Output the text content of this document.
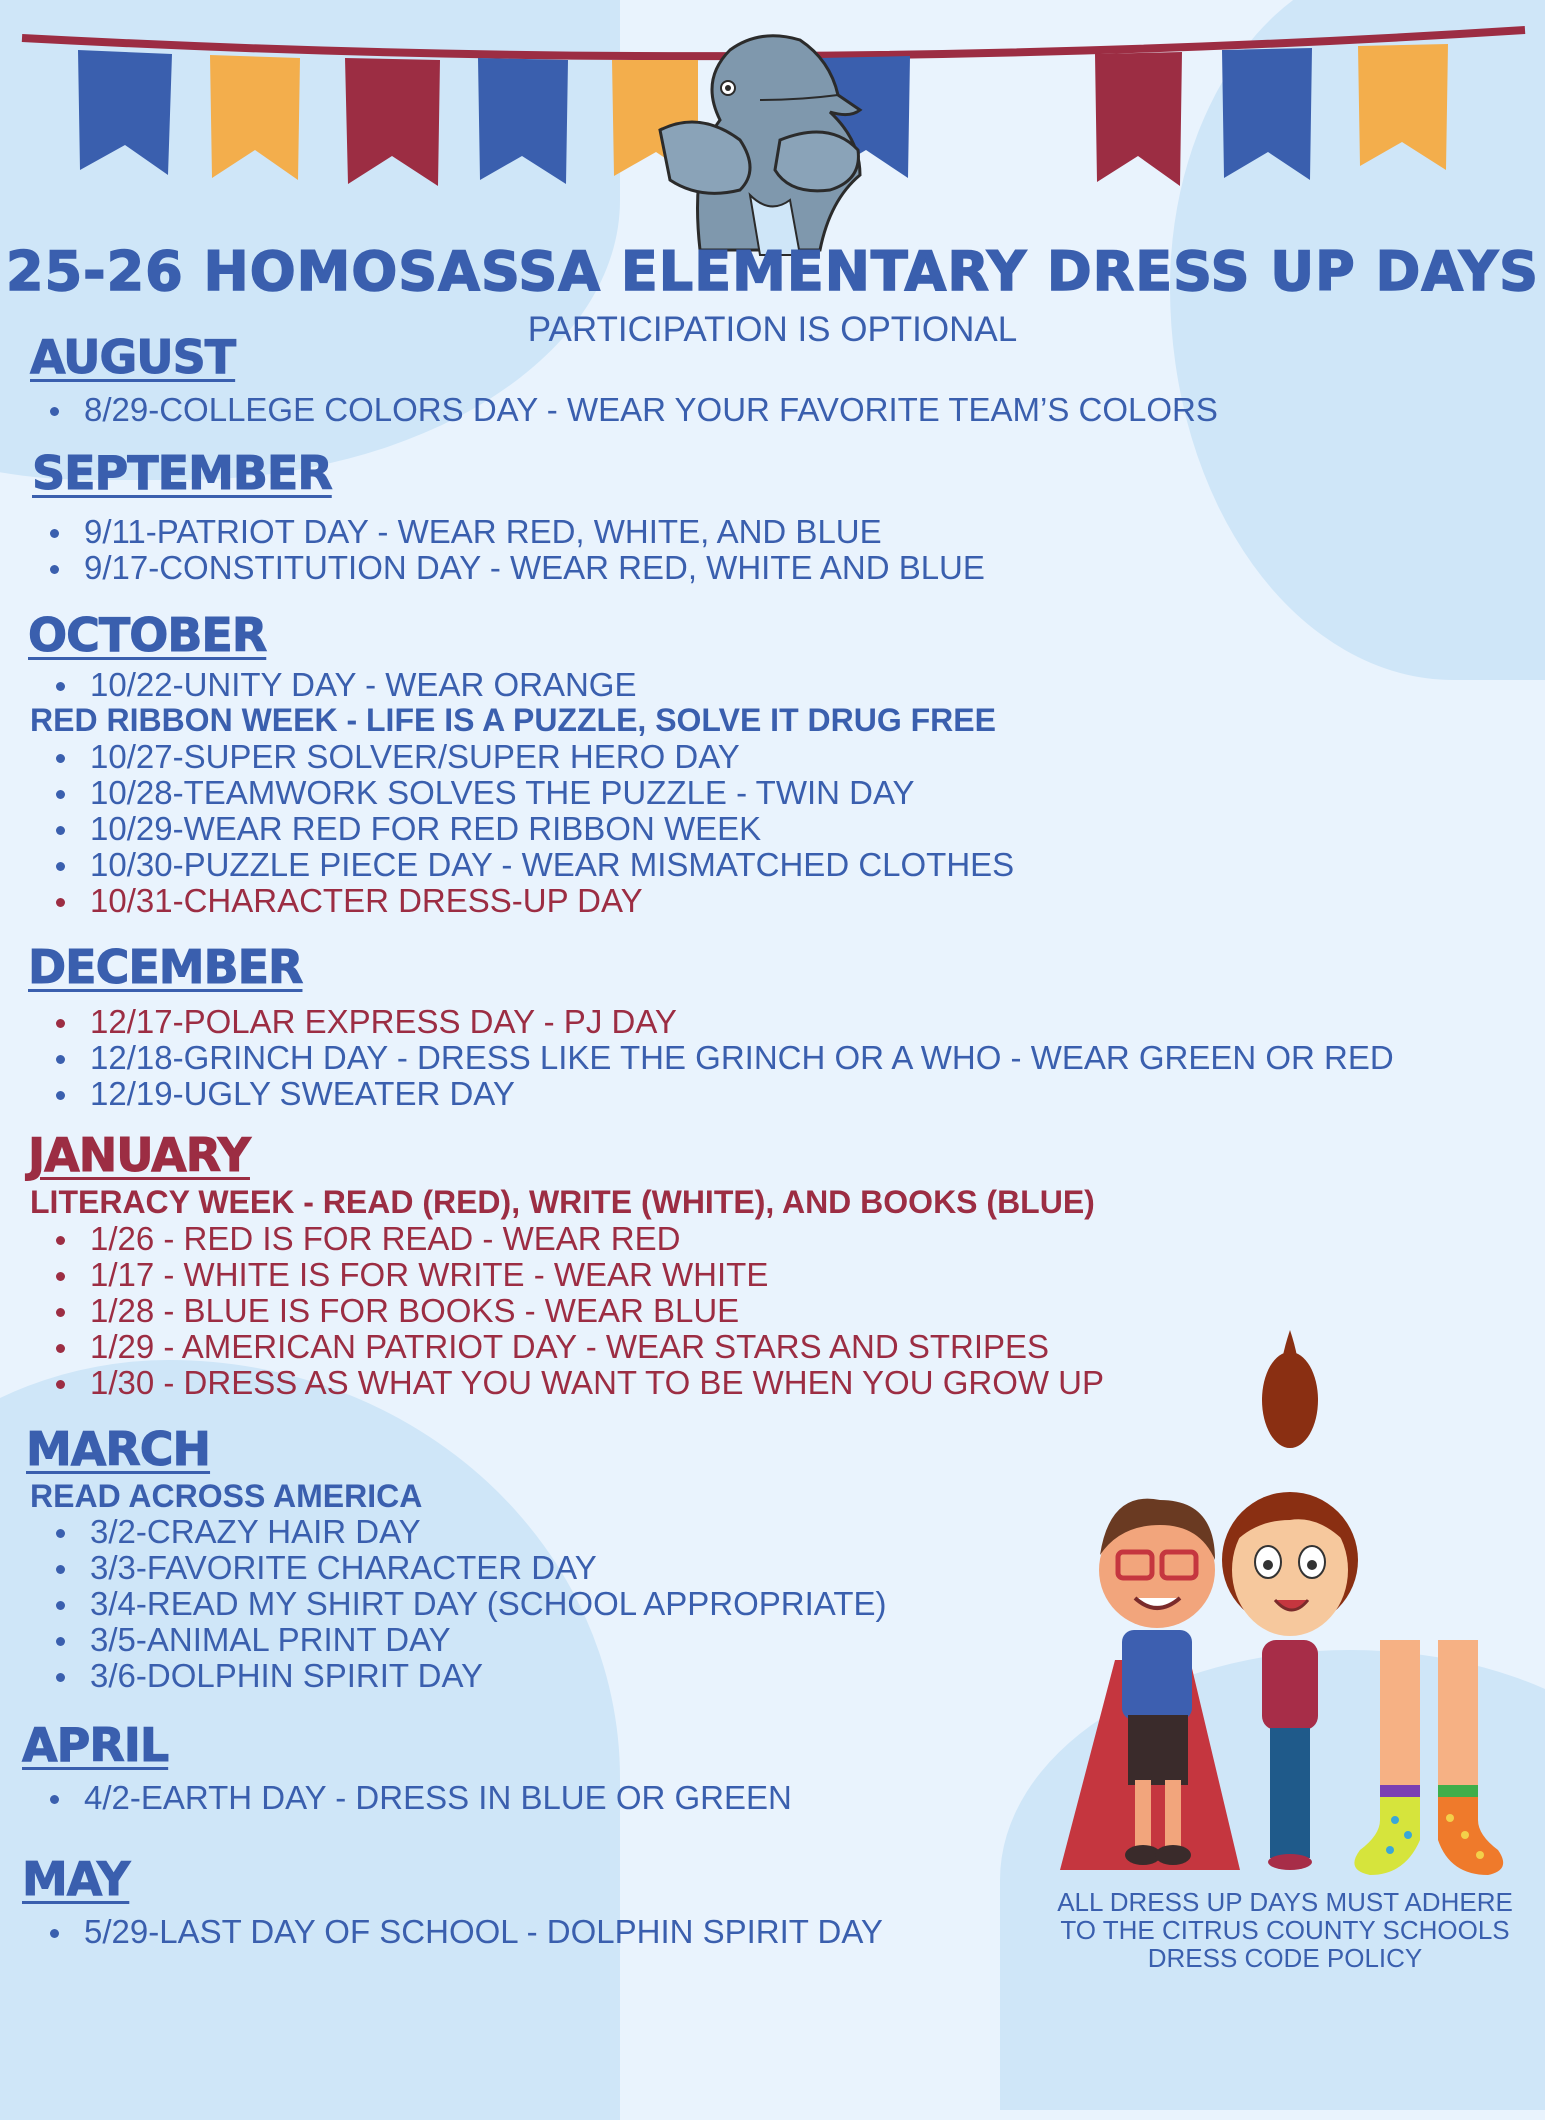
25-26 HOMOSASSA ELEMENTARY DRESS UP DAYS
PARTICIPATION IS OPTIONAL
AUGUST
8/29-COLLEGE COLORS DAY - WEAR YOUR FAVORITE TEAM’S COLORS
SEPTEMBER
9/11-PATRIOT DAY - WEAR RED, WHITE, AND BLUE
9/17-CONSTITUTION DAY - WEAR RED, WHITE AND BLUE
OCTOBER
10/22-UNITY DAY - WEAR ORANGE
RED RIBBON WEEK - LIFE IS A PUZZLE, SOLVE IT DRUG FREE
10/27-SUPER SOLVER/SUPER HERO DAY
10/28-TEAMWORK SOLVES THE PUZZLE - TWIN DAY
10/29-WEAR RED FOR RED RIBBON WEEK
10/30-PUZZLE PIECE DAY - WEAR MISMATCHED CLOTHES
10/31-CHARACTER DRESS-UP DAY
DECEMBER
12/17-POLAR EXPRESS DAY - PJ DAY
12/18-GRINCH DAY - DRESS LIKE THE GRINCH OR A WHO - WEAR GREEN OR RED
12/19-UGLY SWEATER DAY
JANUARY
LITERACY WEEK - READ (RED), WRITE (WHITE), AND BOOKS (BLUE)
1/26 - RED IS FOR READ - WEAR RED
1/17 - WHITE IS FOR WRITE - WEAR WHITE
1/28 - BLUE IS FOR BOOKS - WEAR BLUE
1/29 - AMERICAN PATRIOT DAY - WEAR STARS AND STRIPES
1/30 - DRESS AS WHAT YOU WANT TO BE WHEN YOU GROW UP
MARCH
READ ACROSS AMERICA
3/2-CRAZY HAIR DAY
3/3-FAVORITE CHARACTER DAY
3/4-READ MY SHIRT DAY (SCHOOL APPROPRIATE)
3/5-ANIMAL PRINT DAY
3/6-DOLPHIN SPIRIT DAY
APRIL
4/2-EARTH DAY - DRESS IN BLUE OR GREEN
MAY
5/29-LAST DAY OF SCHOOL - DOLPHIN SPIRIT DAY
ALL DRESS UP DAYS MUST ADHERE
TO THE CITRUS COUNTY SCHOOLS
DRESS CODE POLICY
